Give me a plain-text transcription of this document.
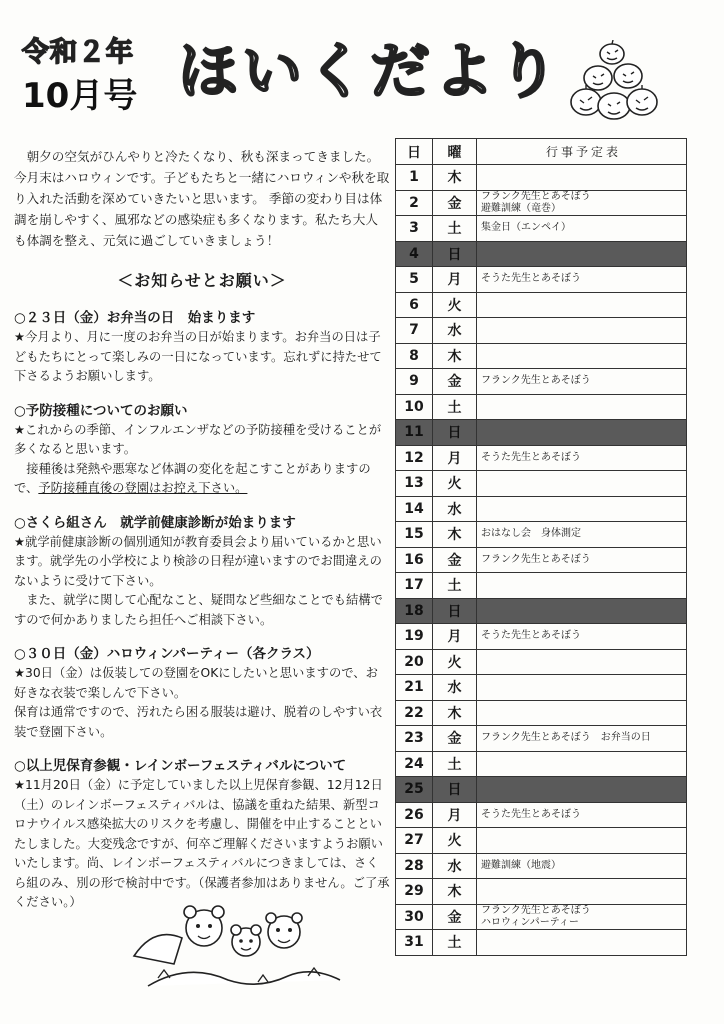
令和２年
10月号 ほいくだより

朝夕の空気がひんやりと冷たくなり、秋も深まってきました。今月末はハロウィンです。子どもたちと一緒にハロウィンや秋を取り入れた活動を深めていきたいと思います。 季節の変わり目は体調を崩しやすく、風邪などの感染症も多くなります。私たち大人も体調を整え、元気に過ごしていきましょう！

＜お知らせとお願い＞

○２３日（金）お弁当の日　始まります

★今月より、月に一度のお弁当の日が始まります。お弁当の日は子どもたちにとって楽しみの一日になっています。忘れずに持たせて下さるようお願いします。

○予防接種についてのお願い

★これからの季節、インフルエンザなどの予防接種を受けることが多くなると思います。

接種後は発熱や悪寒など体調の変化を起こすことがありますので、予防接種直後の登園はお控え下さい。

○さくら組さん　就学前健康診断が始まります

★就学前健康診断の個別通知が教育委員会より届いているかと思います。就学先の小学校により検診の日程が違いますのでお間違えのないように受けて下さい。

また、就学に関して心配なこと、疑問など些細なことでも結構ですので何かありましたら担任へご相談下さい。

○３０日（金）ハロウィンパーティー（各クラス）

★30日（金）は仮装しての登園をOKにしたいと思いますので、お好きな衣装で楽しんで下さい。

保育は通常ですので、汚れたら困る服装は避け、脱着のしやすい衣装で登園下さい。

○以上児保育参観・レインボーフェスティバルについて

★11月20日（金）に予定していました以上児保育参観、12月12日（土）のレインボーフェスティバルは、協議を重ねた結果、新型コロナウイルス感染拡大のリスクを考慮し、開催を中止することといたしました。大変残念ですが、何卒ご理解くださいますようお願いいたします。尚、レインボーフェスティバルにつきましては、さくら組のみ、別の形で検討中です。（保護者参加はありません。ご了承ください。）

日	曜	行事予定表
1	木	
2	金	フランク先生とあそぼう
避難訓練（竜巻）

3	土	集金日（エンペイ）

4	日	
5	月	そうた先生とあそぼう

6	火	
7	水	
8	木	
9	金	フランク先生とあそぼう

10	土	
11	日	
12	月	そうた先生とあそぼう

13	火	
14	水	
15	木	おはなし会　身体測定

16	金	フランク先生とあそぼう

17	土	
18	日	
19	月	そうた先生とあそぼう

20	火	
21	水	
22	木	
23	金	フランク先生とあそぼう　お弁当の日

24	土	
25	日	
26	月	そうた先生とあそぼう

27	火	
28	水	避難訓練（地震）

29	木	
30	金	フランク先生とあそぼう
ハロウィンパーティー

31	土	
